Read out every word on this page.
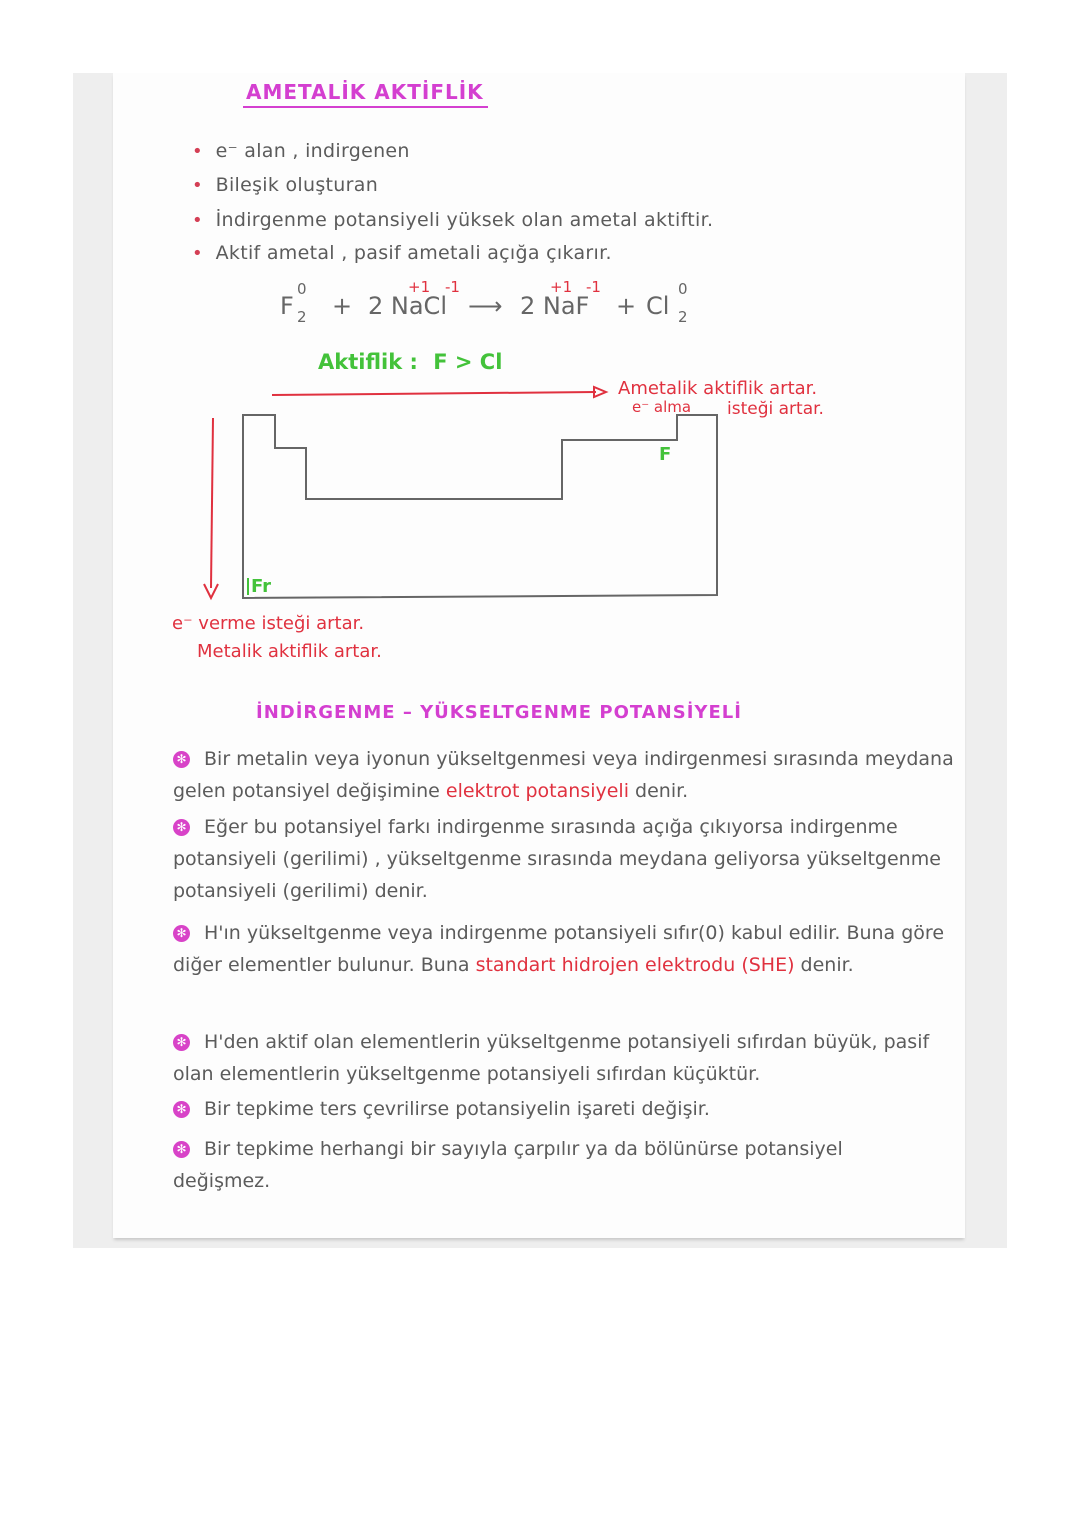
AMETALİK AKTİFLİK
• e⁻ alan , indirgenen
• Bileşik oluşturan
• İndirgenme potansiyeli yüksek olan ametal aktiftir.
• Aktif ametal , pasif ametali açığa çıkarır.
F
0
2 + 2 NaCl
+1 -1
⟶ 2 NaF
+1 -1
+ Cl
0
2
Aktiflik : F > Cl
Ametalik aktiflik artar.
e⁻ alma isteği artar.
F
Fr
e⁻ verme isteği artar.
Metalik aktiflik artar.
İNDİRGENME – YÜKSELTGENME POTANSİYELİ
✻ Bir metalin veya iyonun yükseltgenmesi veya indirgenmesi sırasında meydana gelen potansiyel değişimine elektrot potansiyeli denir.
✻ Eğer bu potansiyel farkı indirgenme sırasında açığa çıkıyorsa indirgenme potansiyeli (gerilimi) , yükseltgenme sırasında meydana geliyorsa yükseltgenme potansiyeli (gerilimi) denir.
✻ H'ın yükseltgenme veya indirgenme potansiyeli sıfır(0) kabul edilir. Buna göre diğer elementler bulunur. Buna standart hidrojen elektrodu (SHE) denir.
✻ H'den aktif olan elementlerin yükseltgenme potansiyeli sıfırdan büyük, pasif olan elementlerin yükseltgenme potansiyeli sıfırdan küçüktür.
✻ Bir tepkime ters çevrilirse potansiyelin işareti değişir.
✻ Bir tepkime herhangi bir sayıyla çarpılır ya da bölünürse potansiyel değişmez.
